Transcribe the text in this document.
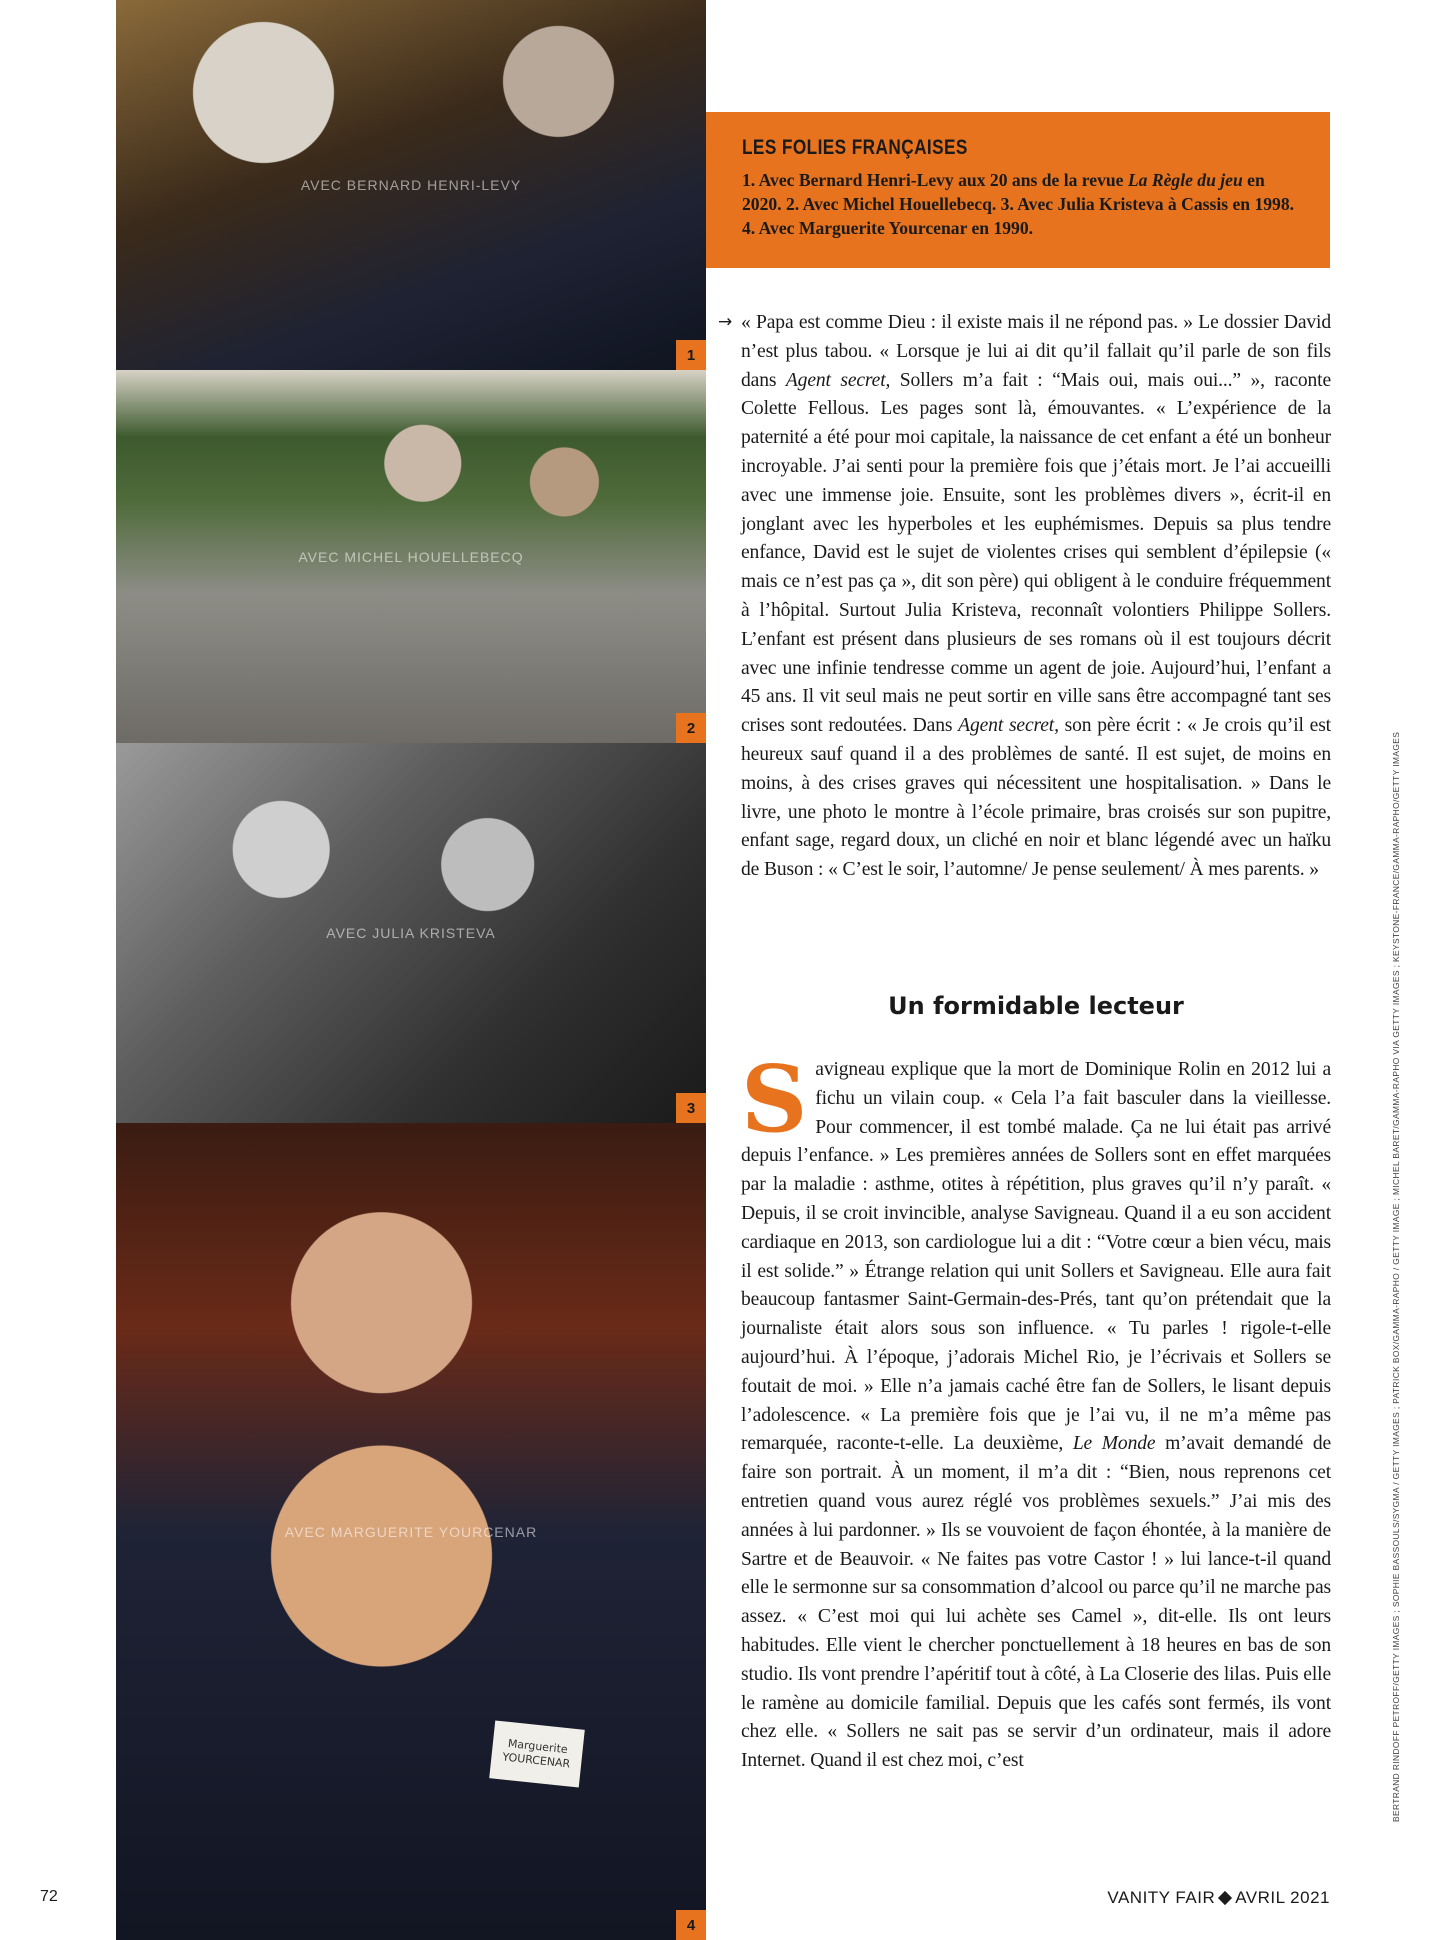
AVEC BERNARD HENRI-LEVY
1
AVEC MICHEL HOUELLEBECQ
2
AVEC JULIA KRISTEVA
3
AVEC MARGUERITE YOURCENAR
Marguerite
YOURCENAR
4
LES FOLIES FRANÇAISES
1. Avec Bernard Henri-Levy aux 20 ans de la revue La Règle du jeu en 2020. 2. Avec Michel Houellebecq. 3. Avec Julia Kristeva à Cassis en 1998. 4. Avec Marguerite Yourcenar en 1990.
→ « Papa est comme Dieu : il existe mais il ne répond pas. » Le dossier David n’est plus tabou. « Lorsque je lui ai dit qu’il fallait qu’il parle de son fils dans Agent secret, Sollers m’a fait : “Mais oui, mais oui...” », raconte Colette Fellous. Les pages sont là, émouvantes. « L’expérience de la paternité a été pour moi capitale, la naissance de cet enfant a été un bonheur incroyable. J’ai senti pour la première fois que j’étais mort. Je l’ai accueilli avec une immense joie. Ensuite, sont les problèmes divers », écrit-il en jonglant avec les hyperboles et les euphémismes. Depuis sa plus tendre enfance, David est le sujet de violentes crises qui semblent d’épilepsie (« mais ce n’est pas ça », dit son père) qui obligent à le conduire fréquemment à l’hôpital. Surtout Julia Kristeva, reconnaît volontiers Philippe Sollers. L’enfant est présent dans plusieurs de ses romans où il est toujours décrit avec une infinie tendresse comme un agent de joie. Aujourd’hui, l’enfant a 45 ans. Il vit seul mais ne peut sortir en ville sans être accompagné tant ses crises sont redoutées. Dans Agent secret, son père écrit : « Je crois qu’il est heureux sauf quand il a des problèmes de santé. Il est sujet, de moins en moins, à des crises graves qui nécessitent une hospitalisation. » Dans le livre, une photo le montre à l’école primaire, bras croisés sur son pupitre, enfant sage, regard doux, un cliché en noir et blanc légendé avec un haïku de Buson : « C’est le soir, l’automne/ Je pense seulement/ À mes parents. »

Un formidable lecteur

Savigneau explique que la mort de Dominique Rolin en 2012 lui a fichu un vilain coup. « Cela l’a fait basculer dans la vieillesse. Pour commencer, il est tombé malade. Ça ne lui était pas arrivé depuis l’enfance. » Les premières années de Sollers sont en effet marquées par la maladie : asthme, otites à répétition, plus graves qu’il n’y paraît. « Depuis, il se croit invincible, analyse Savigneau. Quand il a eu son accident cardiaque en 2013, son cardiologue lui a dit : “Votre cœur a bien vécu, mais il est solide.” » Étrange relation qui unit Sollers et Savigneau. Elle aura fait beaucoup fantasmer Saint-Germain-des-Prés, tant qu’on prétendait que la journaliste était alors sous son influence. « Tu parles ! rigole-t-elle aujourd’hui. À l’époque, j’adorais Michel Rio, je l’écrivais et Sollers se foutait de moi. » Elle n’a jamais caché être fan de Sollers, le lisant depuis l’adolescence. « La première fois que je l’ai vu, il ne m’a même pas remarquée, raconte-t-elle. La deuxième, Le Monde m’avait demandé de faire son portrait. À un moment, il m’a dit : “Bien, nous reprenons cet entretien quand vous aurez réglé vos problèmes sexuels.” J’ai mis des années à lui pardonner. » Ils se vouvoient de façon éhontée, à la manière de Sartre et de Beauvoir. « Ne faites pas votre Castor ! » lui lance-t-il quand elle le sermonne sur sa consommation d’alcool ou parce qu’il ne marche pas assez. « C’est moi qui lui achète ses Camel », dit-elle. Ils ont leurs habitudes. Elle vient le chercher ponctuellement à 18 heures en bas de son studio. Ils vont prendre l’apéritif tout à côté, à La Closerie des lilas. Puis elle le ramène au domicile familial. Depuis que les cafés sont fermés, ils vont chez elle. « Sollers ne sait pas se servir d’un ordinateur, mais il adore Internet. Quand il est chez moi, c’est	BERTRAND RINDOFF PETROFF/GETTY IMAGES ; SOPHIE BASSOULS/SYGMA / GETTY IMAGES ; PATRICK BOX/GAMMA-RAPHO / GETTY IMAGE ; MICHEL BARET/GAMMA-RAPHO VIA GETTY IMAGES ; KEYSTONE-FRANCE/GAMMA-RAPHO/GETTY IMAGES
72	VANITY FAIR AVRIL 2021
